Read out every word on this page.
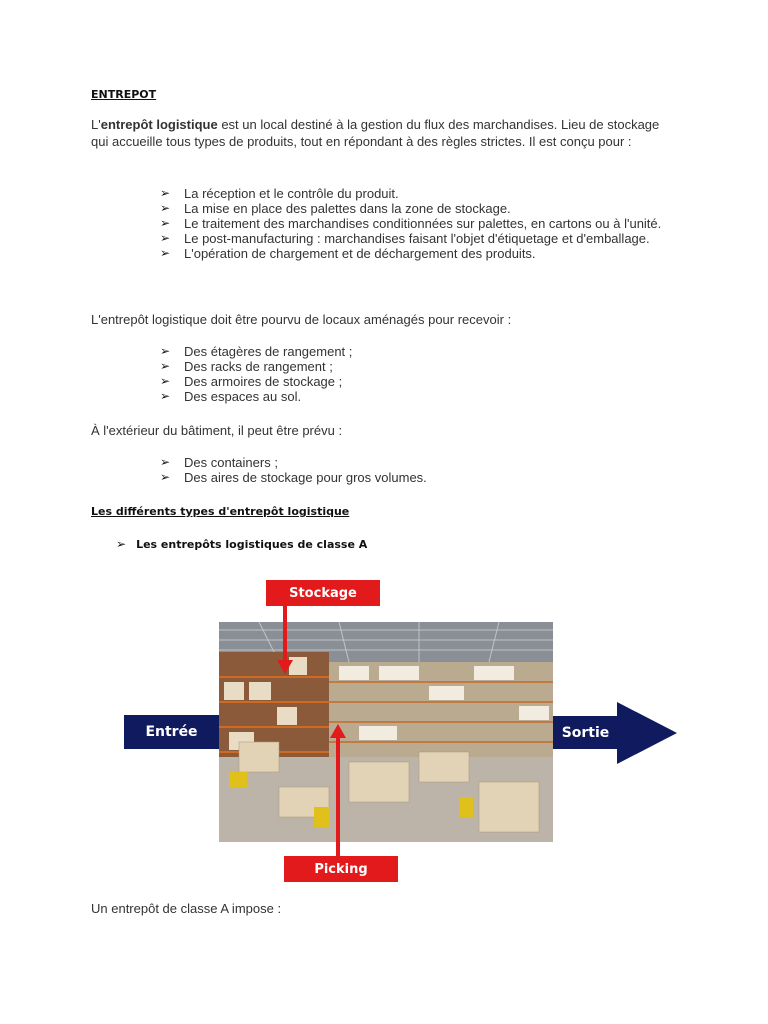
ENTREPOT
L'entrepôt logistique est un local destiné à la gestion du flux des marchandises. Lieu de stockage qui accueille tous types de produits, tout en répondant à des règles strictes. Il est conçu pour :
➢ La réception et le contrôle du produit.
➢ La mise en place des palettes dans la zone de stockage.
➢ Le traitement des marchandises conditionnées sur palettes, en cartons ou à l'unité.
➢ Le post-manufacturing : marchandises faisant l'objet d'étiquetage et d'emballage.
➢ L'opération de chargement et de déchargement des produits.
L'entrepôt logistique doit être pourvu de locaux aménagés pour recevoir :
➢ Des étagères de rangement ;
➢ Des racks de rangement ;
➢ Des armoires de stockage ;
➢ Des espaces au sol.
À l'extérieur du bâtiment, il peut être prévu :
➢ Des containers ;
➢ Des aires de stockage pour gros volumes.
Les différents types d'entrepôt logistique
➢ Les entrepôts logistiques de classe A
Entrée	Sortie
Stockage
Picking
Un entrepôt de classe A impose :
